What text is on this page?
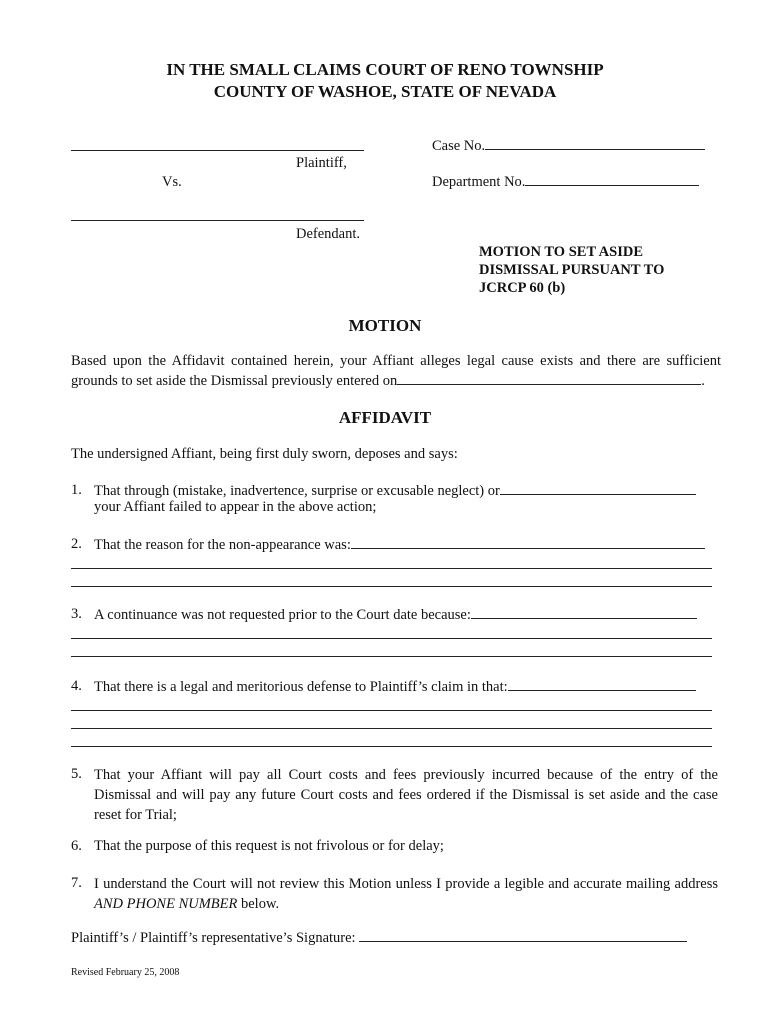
IN THE SMALL CLAIMS COURT OF RENO TOWNSHIP
COUNTY OF WASHOE, STATE OF NEVADA
Plaintiff,
Vs.
Defendant.
Case No.
Department No.
MOTION TO SET ASIDE
DISMISSAL PURSUANT TO
JCRCP 60 (b)
MOTION
Based upon the Affidavit contained herein, your Affiant alleges legal cause exists and there are sufficient
grounds to set aside the Dismissal previously entered on	.
AFFIDAVIT
The undersigned Affiant, being first duly sworn, deposes and says:
1. That through (mistake, inadvertence, surprise or excusable neglect) or
your Affiant failed to appear in the above action;
2. That the reason for the non-appearance was:
3. A continuance was not requested prior to the Court date because:
4. That there is a legal and meritorious defense to Plaintiff’s claim in that:
5. That your Affiant will pay all Court costs and fees previously incurred because of the entry of the Dismissal and will pay any future Court costs and fees ordered if the Dismissal is set aside and the case reset for Trial;
6. That the purpose of this request is not frivolous or for delay;
7. I understand the Court will not review this Motion unless I provide a legible and accurate mailing address AND PHONE NUMBER below.
Plaintiff’s / Plaintiff’s representative’s Signature:
Revised February 25, 2008
